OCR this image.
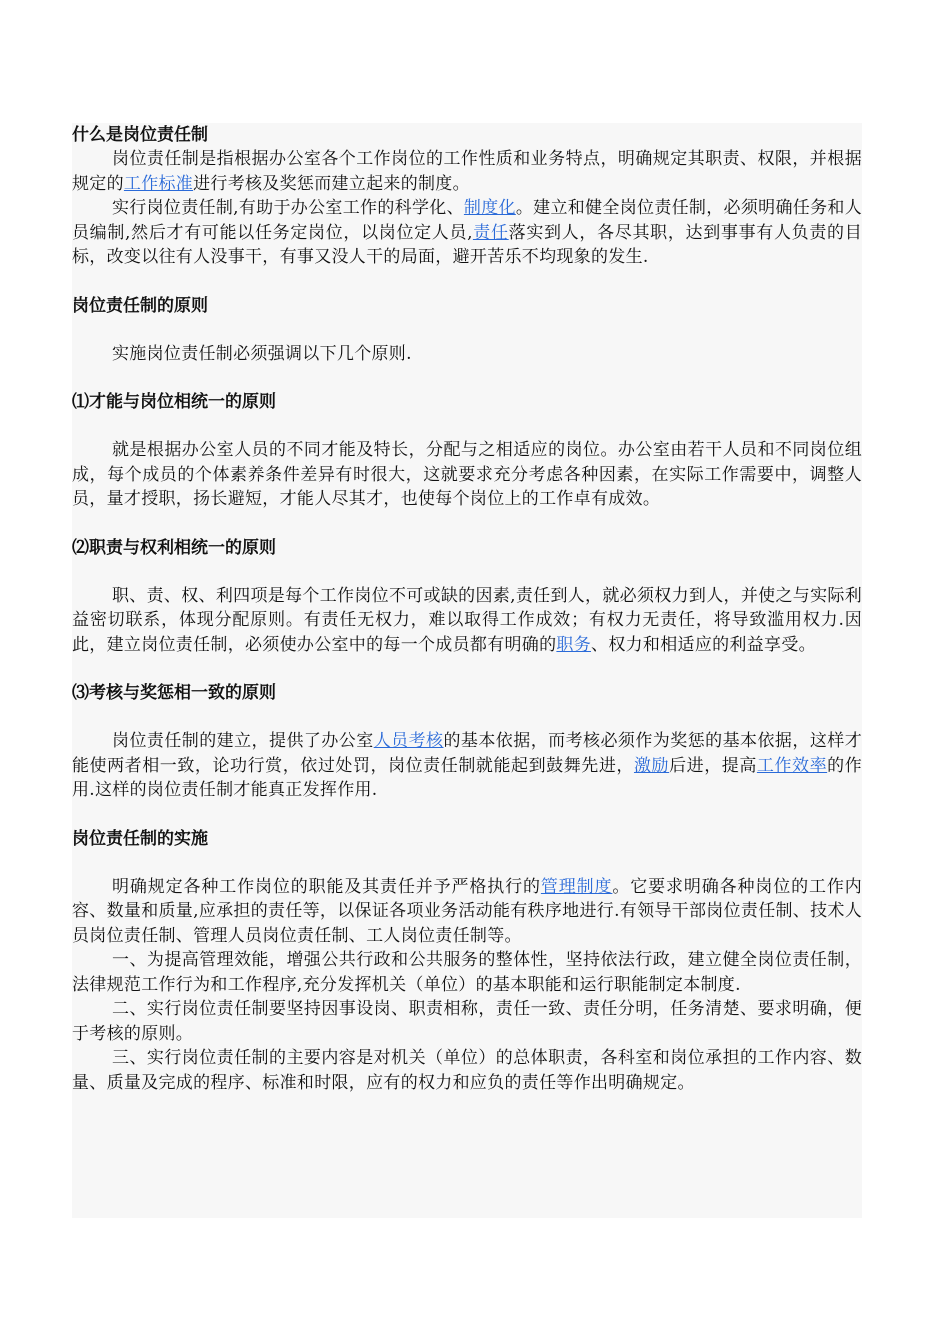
什么是岗位责任制

岗位责任制是指根据办公室各个工作岗位的工作性质和业务特点，明确规定其职责、权限，并根据规定的工作标准进行考核及奖惩而建立起来的制度。

实行岗位责任制,有助于办公室工作的科学化、制度化。建立和健全岗位责任制，必须明确任务和人员编制,然后才有可能以任务定岗位，以岗位定人员,责任落实到人，各尽其职，达到事事有人负责的目标，改变以往有人没事干，有事又没人干的局面，避开苦乐不均现象的发生.

岗位责任制的原则

实施岗位责任制必须强调以下几个原则.

⑴才能与岗位相统一的原则

就是根据办公室人员的不同才能及特长，分配与之相适应的岗位。办公室由若干人员和不同岗位组成，每个成员的个体素养条件差异有时很大，这就要求充分考虑各种因素，在实际工作需要中，调整人员，量才授职，扬长避短，才能人尽其才，也使每个岗位上的工作卓有成效。

⑵职责与权利相统一的原则

职、责、权、利四项是每个工作岗位不可或缺的因素,责任到人，就必须权力到人，并使之与实际利益密切联系，体现分配原则。有责任无权力，难以取得工作成效；有权力无责任，将导致滥用权力.因此，建立岗位责任制，必须使办公室中的每一个成员都有明确的职务、权力和相适应的利益享受。

⑶考核与奖惩相一致的原则

岗位责任制的建立，提供了办公室人员考核的基本依据，而考核必须作为奖惩的基本依据，这样才能使两者相一致，论功行赏，依过处罚，岗位责任制就能起到鼓舞先进，激励后进，提高工作效率的作用.这样的岗位责任制才能真正发挥作用.

岗位责任制的实施

明确规定各种工作岗位的职能及其责任并予严格执行的管理制度。它要求明确各种岗位的工作内容、数量和质量,应承担的责任等，以保证各项业务活动能有秩序地进行.有领导干部岗位责任制、技术人员岗位责任制、管理人员岗位责任制、工人岗位责任制等。

一、为提高管理效能，增强公共行政和公共服务的整体性，坚持依法行政，建立健全岗位责任制，法律规范工作行为和工作程序,充分发挥机关（单位）的基本职能和运行职能制定本制度.

二、实行岗位责任制要坚持因事设岗、职责相称，责任一致、责任分明，任务清楚、要求明确，便于考核的原则。

三、实行岗位责任制的主要内容是对机关（单位）的总体职责，各科室和岗位承担的工作内容、数量、质量及完成的程序、标准和时限，应有的权力和应负的责任等作出明确规定。
